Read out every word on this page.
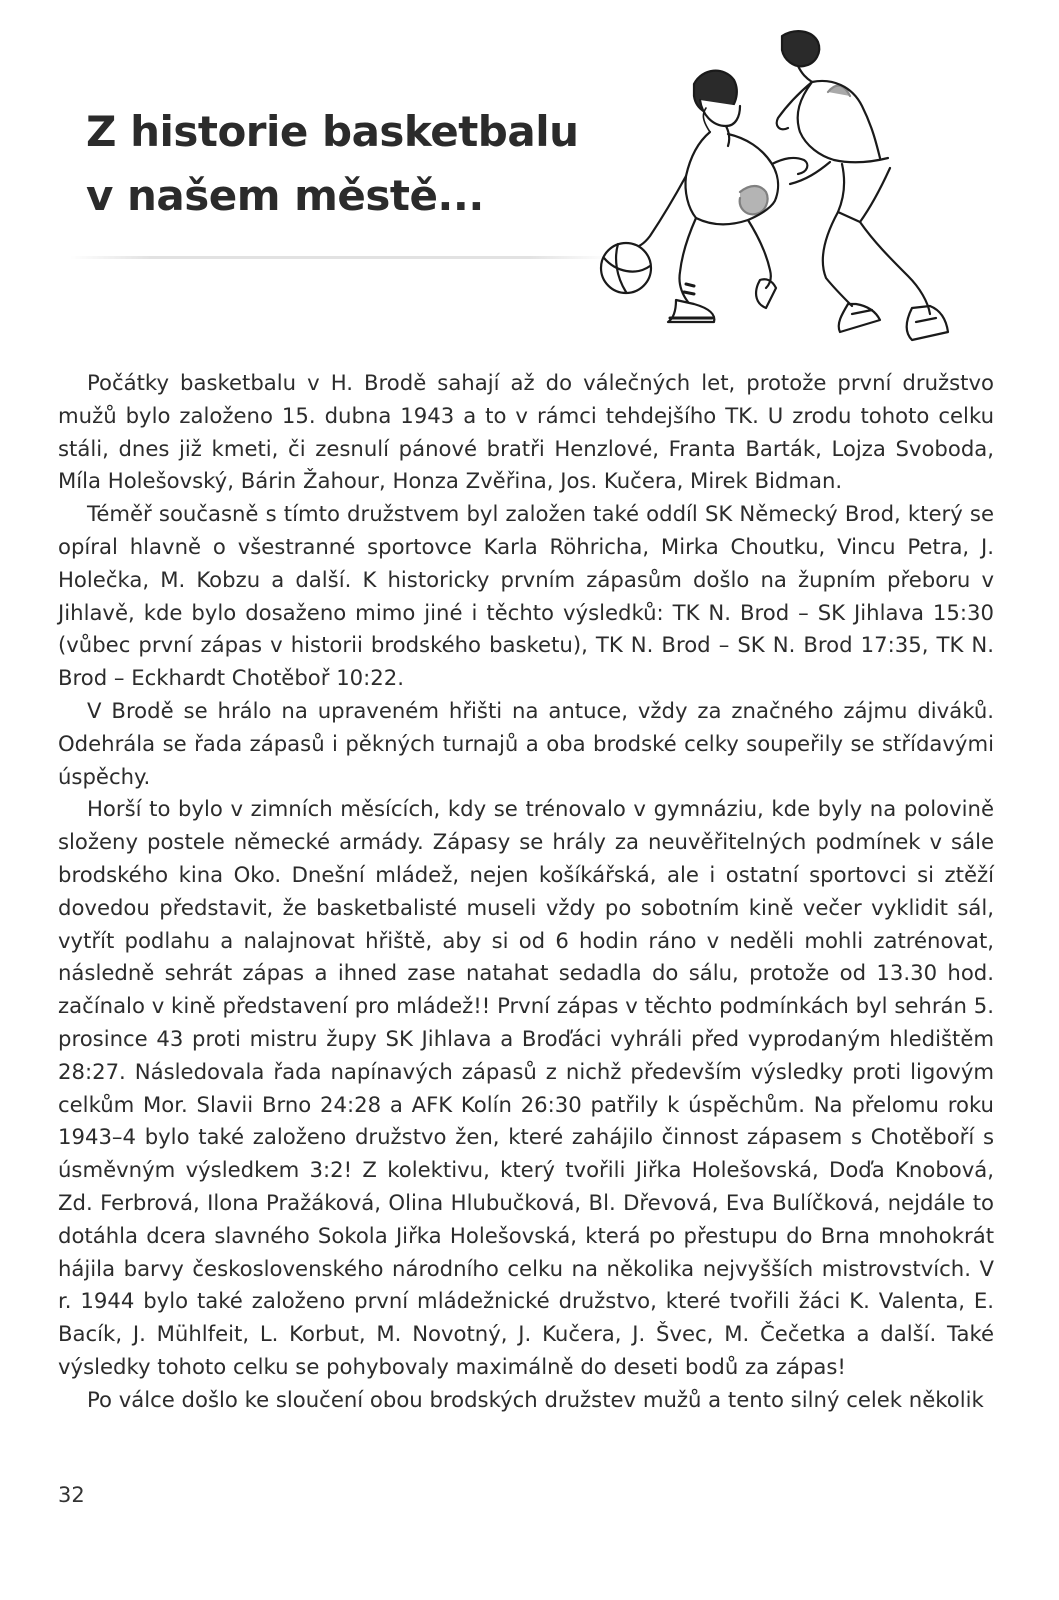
Z historie basketbalu
v našem městě...

Počátky basketbalu v H. Brodě sahají až do válečných let, protože první družstvo mužů bylo založeno 15. dubna 1943 a to v rámci tehdejšího TK. U zrodu tohoto celku stáli, dnes již kmeti, či zesnulí pánové bratři Henzlové, Franta Barták, Lojza Svoboda, Míla Holešovský, Bárin Žahour, Honza Zvěřina, Jos. Kučera, Mirek Bidman.

Téměř současně s tímto družstvem byl založen také oddíl SK Německý Brod, který se opíral hlavně o všestranné sportovce Karla Röhricha, Mirka Choutku, Vincu Petra, J. Holečka, M. Kobzu a další. K historicky prvním zápasům došlo na župním přeboru v Jihlavě, kde bylo dosaženo mimo jiné i těchto výsledků: TK N. Brod – SK Jihlava 15:30 (vůbec první zápas v historii brodského basketu), TK N. Brod – SK N. Brod 17:35, TK N. Brod – Eckhardt Chotěboř 10:22.

V Brodě se hrálo na upraveném hřišti na antuce, vždy za značného zájmu diváků. Odehrála se řada zápasů i pěkných turnajů a oba brodské celky soupeřily se střídavými úspěchy.

Horší to bylo v zimních měsících, kdy se trénovalo v gymnáziu, kde byly na polovině složeny postele německé armády. Zápasy se hrály za neuvěřitelných podmínek v sále brodského kina Oko. Dnešní mládež, nejen košíkářská, ale i ostatní sportovci si ztěží dovedou představit, že basketbalisté museli vždy po sobotním kině večer vyklidit sál, vytřít podlahu a nalajnovat hřiště, aby si od 6 hodin ráno v neděli mohli zatrénovat, následně sehrát zápas a ihned zase natahat sedadla do sálu, protože od 13.30 hod. začínalo v kině představení pro mládež!! První zápas v těchto podmínkách byl sehrán 5. prosince 43 proti mistru župy SK Jihlava a Broďáci vyhráli před vyprodaným hledištěm 28:27. Následovala řada napínavých zápasů z nichž především výsledky proti ligovým celkům Mor. Slavii Brno 24:28 a AFK Kolín 26:30 patřily k úspěchům. Na přelomu roku 1943–4 bylo také založeno družstvo žen, které zahájilo činnost zápasem s Chotěboří s úsměvným výsledkem 3:2! Z kolektivu, který tvořili Jiřka Holešovská, Doďa Knobová, Zd. Ferbrová, Ilona Pražáková, Olina Hlubučková, Bl. Dřevová, Eva Bulíčková, nejdále to dotáhla dcera slavného Sokola Jiřka Holešovská, která po přestupu do Brna mnohokrát hájila barvy československého národního celku na několika nejvyšších mistrovstvích. V r. 1944 bylo také založeno první mládežnické družstvo, které tvořili žáci K. Valenta, E. Bacík, J. Mühlfeit, L. Korbut, M. Novotný, J. Kučera, J. Švec, M. Čečetka a další. Také výsledky tohoto celku se pohybovaly maximálně do deseti bodů za zápas!

Po válce došlo ke sloučení obou brodských družstev mužů a tento silný celek několik

32
